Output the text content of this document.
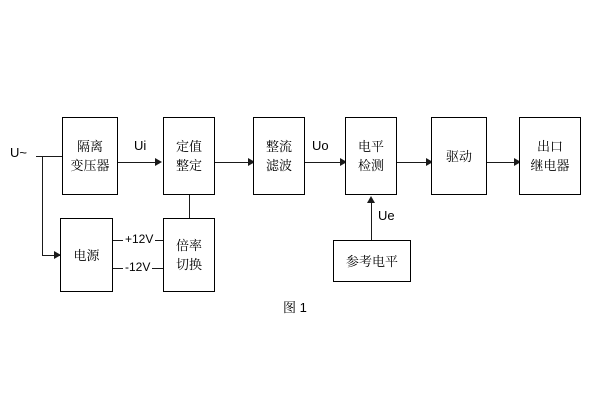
U~	隔离
变压器
Ui 定值
整定
整流
滤波
Uo 电平
检测
驱动
出口
继电器
电源
+12V
-12V
倍率
切换	参考电平
Ue
图 1
